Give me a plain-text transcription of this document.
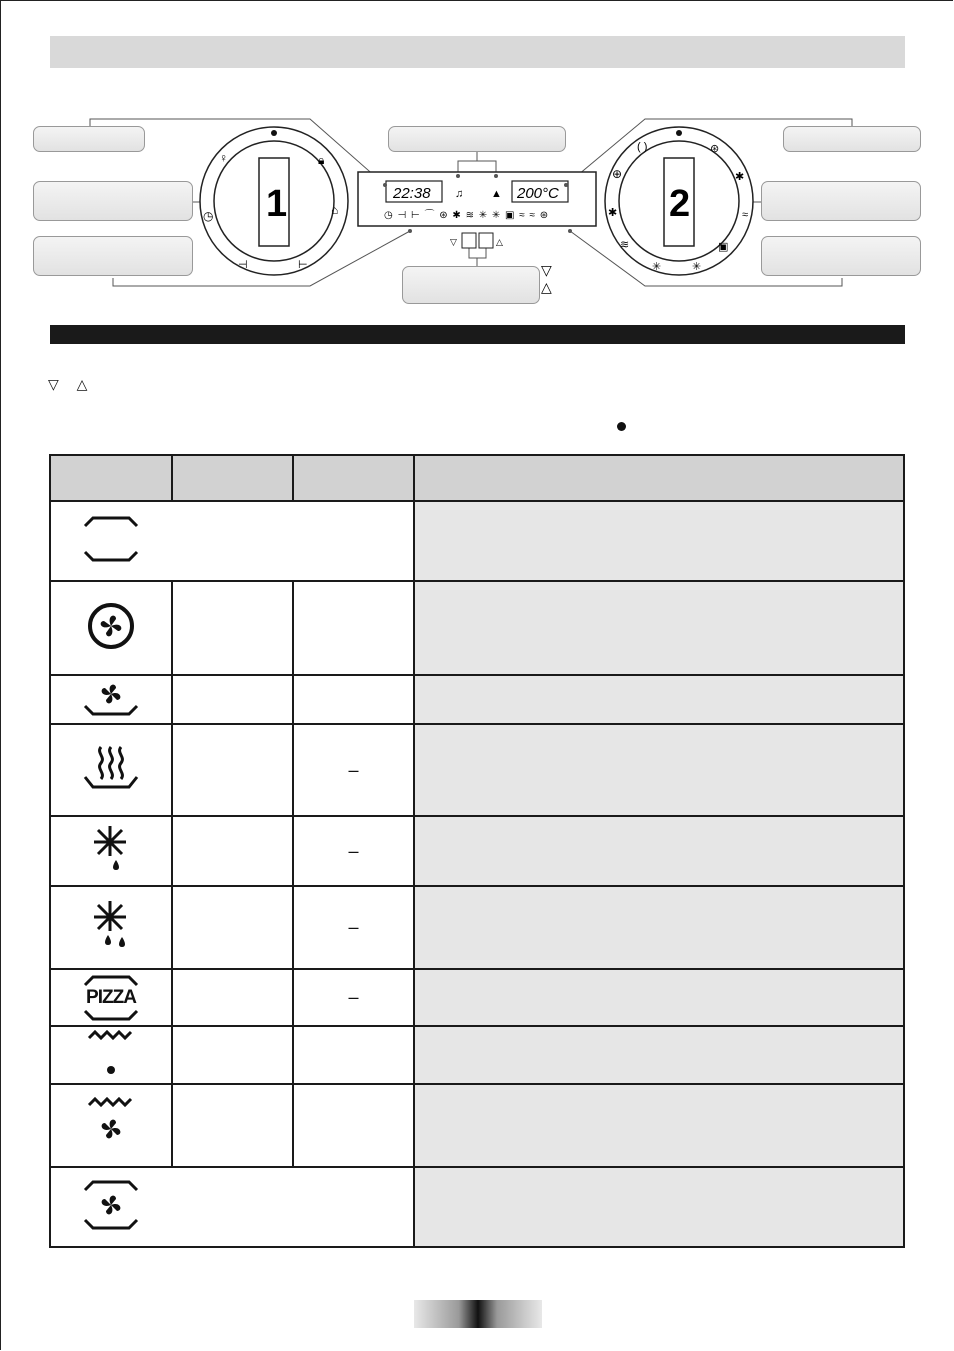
♀	🔒︎
⌂
◷
⊣	⊢
1
( )	⊛
✱
⊕
✱	≈
≋	▣
✳	✳
2
♫	▲
◷ ⊣ ⊢ ⌒ ⊛ ✱ ≋ ✳ ✳ ▣ ≈ ≈ ⊛
22:38	200°C
▽	△
▽
△
▽ △

		–	
		–	
		–	

PIZZA		–	
